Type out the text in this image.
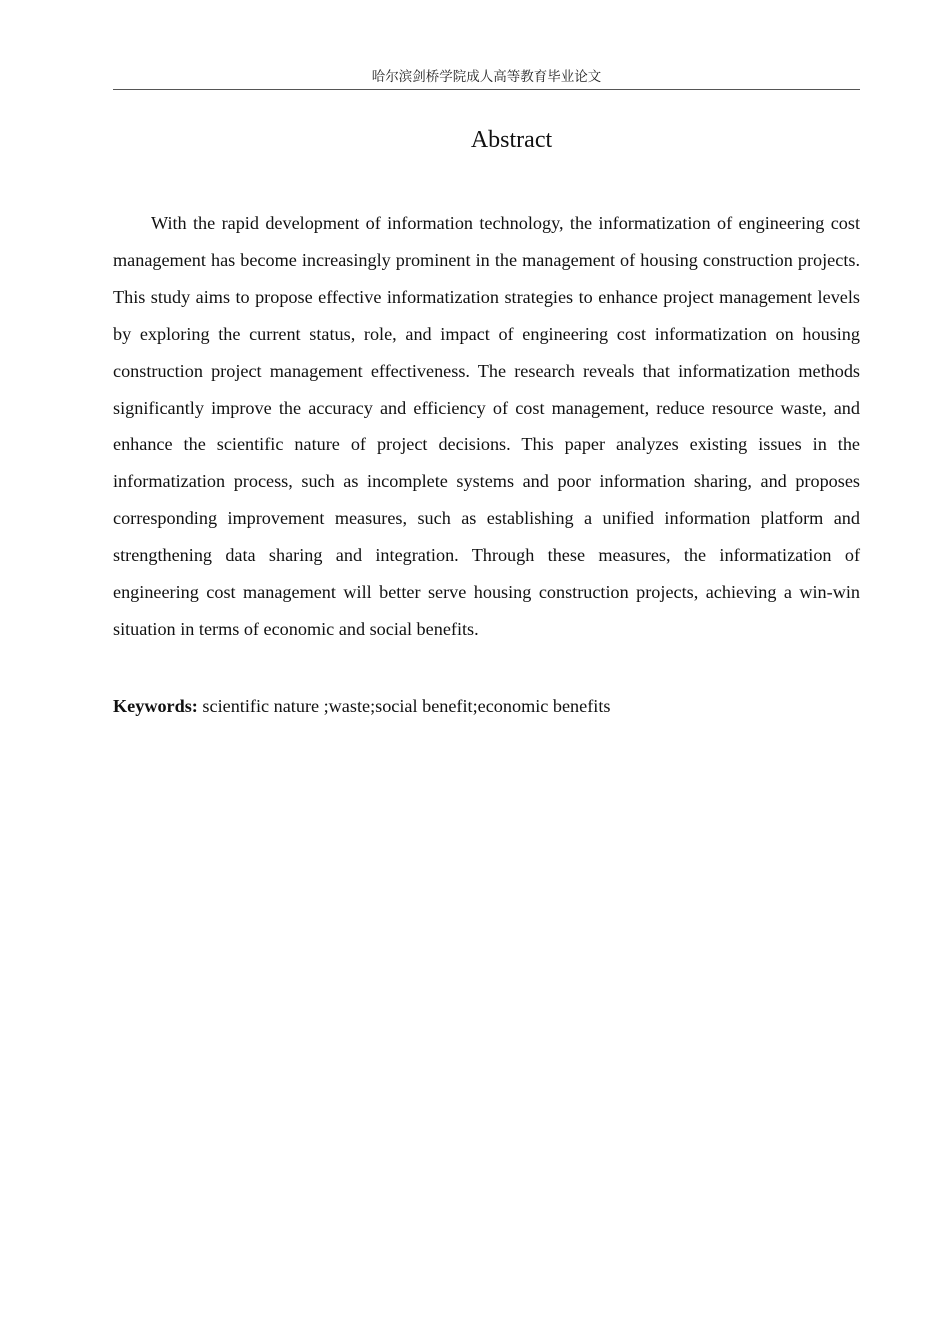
哈尔滨剑桥学院成人高等教育毕业论文
Abstract

With the rapid development of information technology, the informatization of engineering cost management has become increasingly prominent in the management of housing construction projects. This study aims to propose effective informatization strategies to enhance project management levels by exploring the current status, role, and impact of engineering cost informatization on housing construction project management effectiveness. The research reveals that informatization methods significantly improve the accuracy and efficiency of cost management, reduce resource waste, and enhance the scientific nature of project decisions. This paper analyzes existing issues in the informatization process, such as incomplete systems and poor information sharing, and proposes corresponding improvement measures, such as establishing a unified information platform and strengthening data sharing and integration. Through these measures, the informatization of engineering cost management will better serve housing construction projects, achieving a win-win situation in terms of economic and social benefits.

Keywords: scientific nature ;waste;social benefit;economic benefits
